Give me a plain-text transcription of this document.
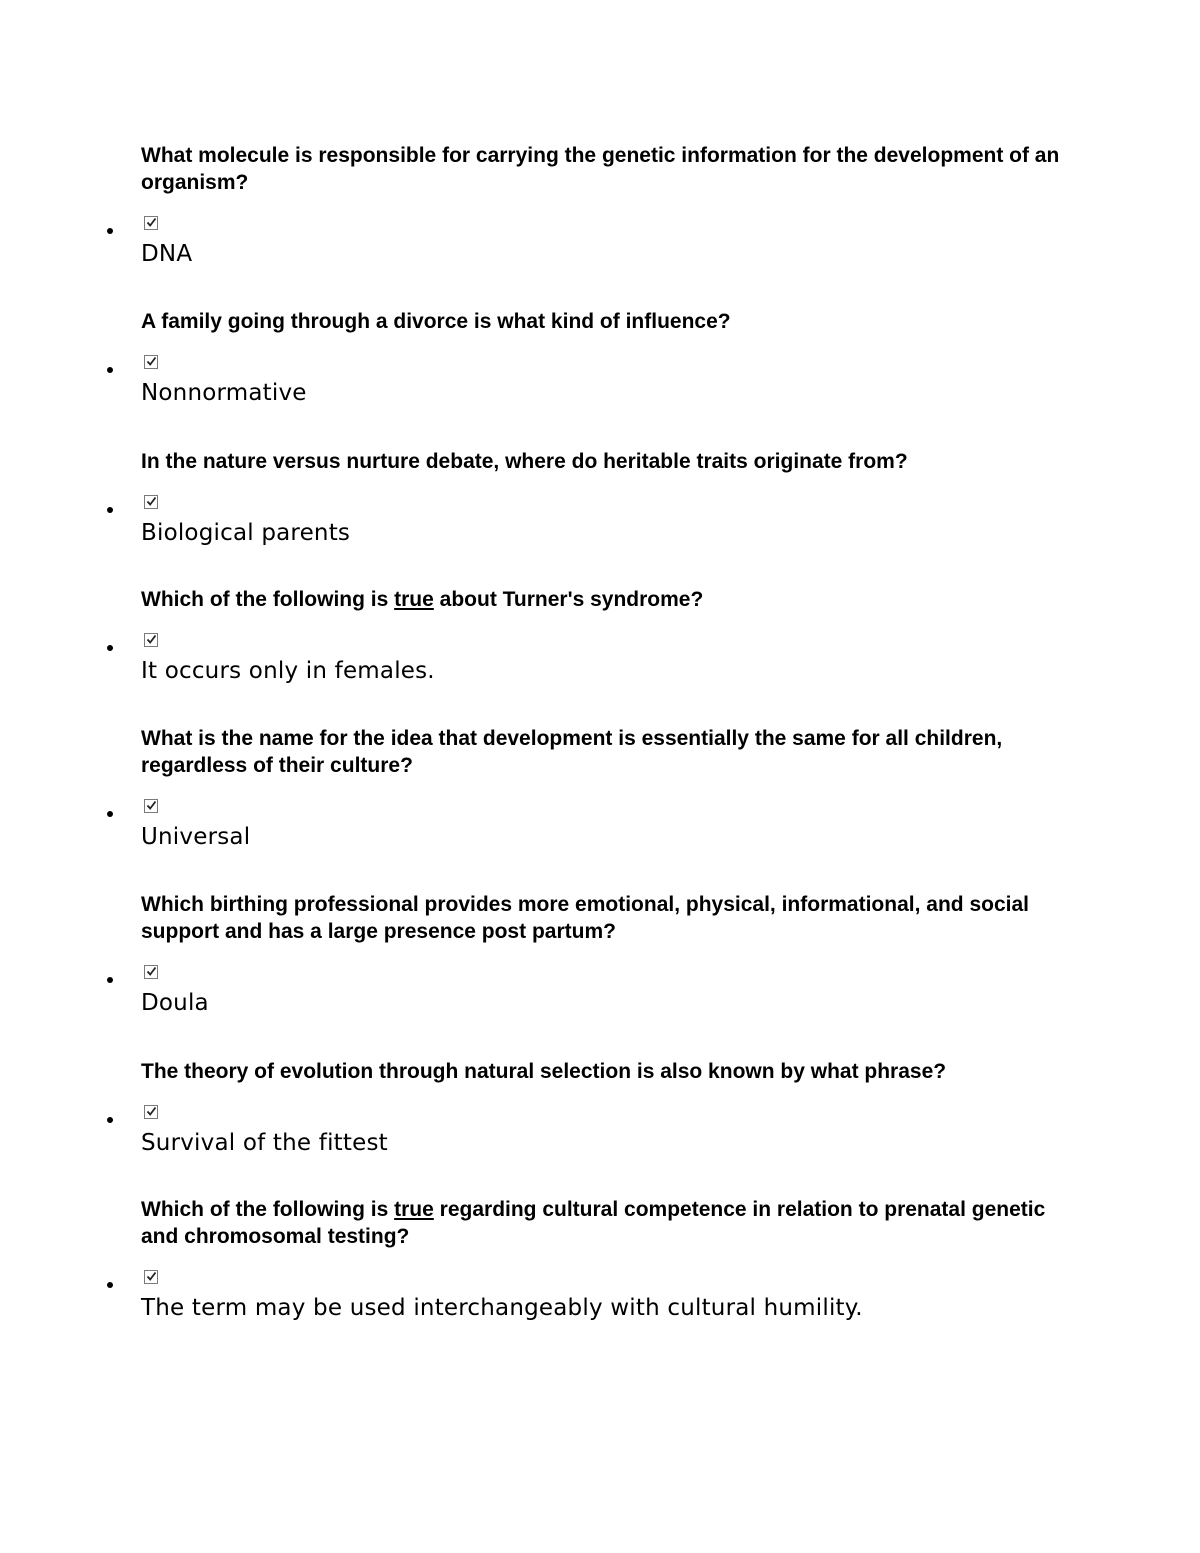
What molecule is responsible for carrying the genetic information for the development of an organism?

DNA

A family going through a divorce is what kind of influence?

Nonnormative

In the nature versus nurture debate, where do heritable traits originate from?

Biological parents

Which of the following is true about Turner's syndrome?

It occurs only in females.

What is the name for the idea that development is essentially the same for all children, regardless of their culture?

Universal

Which birthing professional provides more emotional, physical, informational, and social support and has a large presence post partum?

Doula

The theory of evolution through natural selection is also known by what phrase?

Survival of the fittest

Which of the following is true regarding cultural competence in relation to prenatal genetic and chromosomal testing?

The term may be used interchangeably with cultural humility.
